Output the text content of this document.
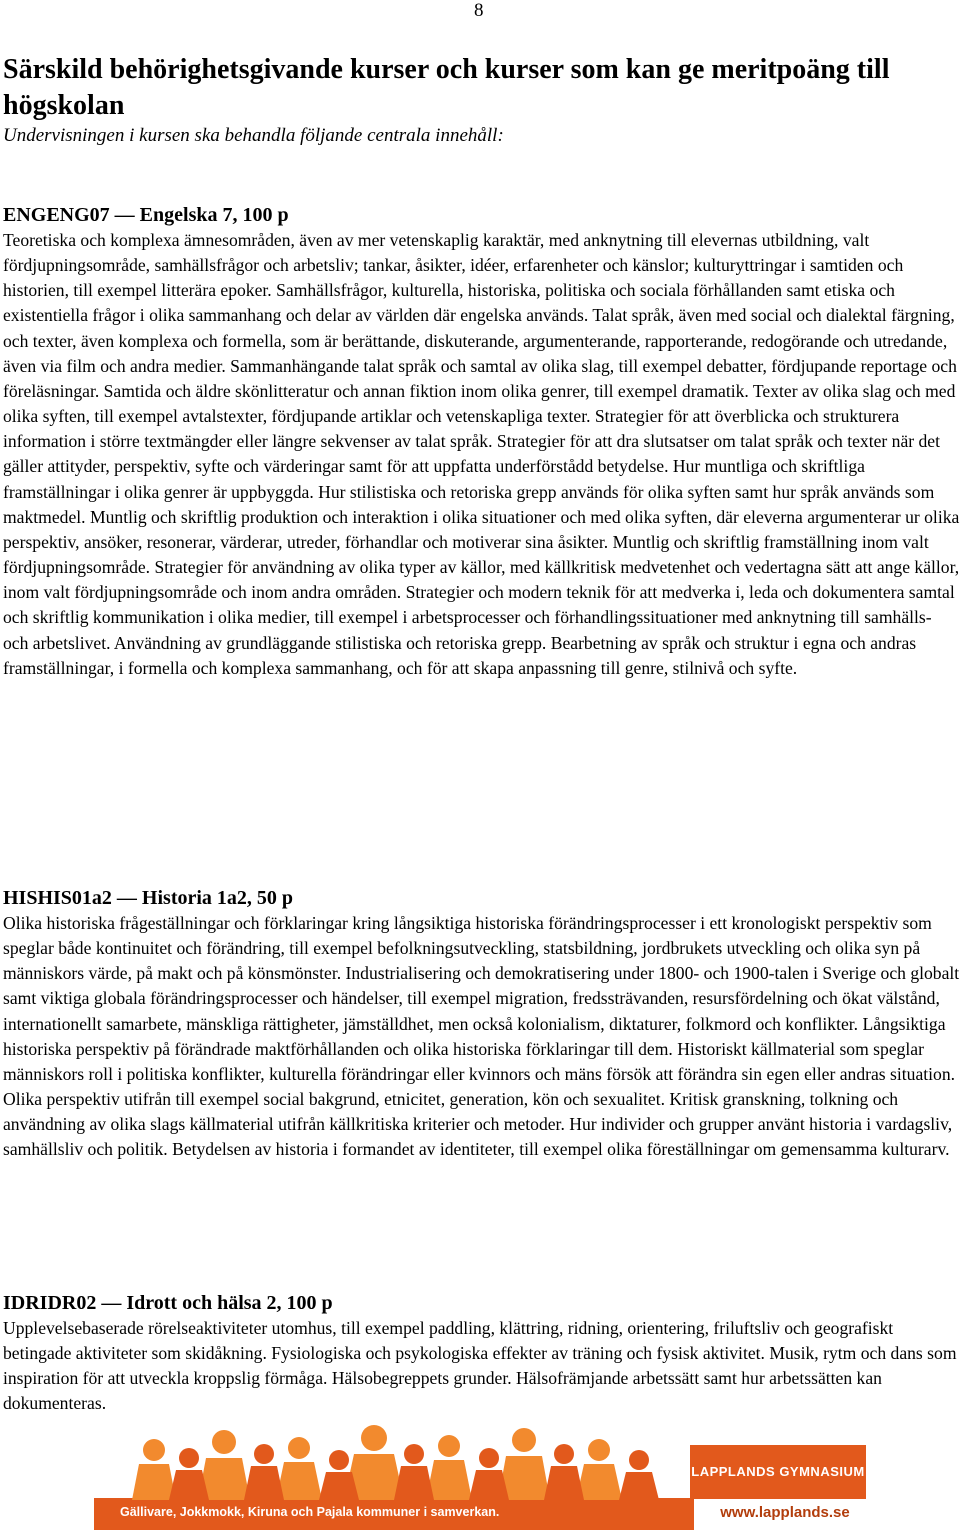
8
Särskild behörighetsgivande kurser och kurser som kan ge meritpoäng till högskolan

Undervisningen i kursen ska behandla följande centrala innehåll:

ENGENG07 — Engelska 7, 100 p

Teoretiska och komplexa ämnesområden, även av mer vetenskaplig karaktär, med anknytning till elevernas utbildning, valt fördjupningsområde, samhällsfrågor och arbetsliv; tankar, åsikter, idéer, erfarenheter och känslor; kulturyttringar i samtiden och historien, till exempel litterära epoker. Samhällsfrågor, kulturella, historiska, politiska och sociala förhållanden samt etiska och existentiella frågor i olika sammanhang och delar av världen där engelska används. Talat språk, även med social och dialektal färgning, och texter, även komplexa och formella, som är berättande, diskuterande, argumenterande, rapporterande, redogörande och utredande, även via film och andra medier. Sammanhängande talat språk och samtal av olika slag, till exempel debatter, fördjupande reportage och föreläsningar. Samtida och äldre skönlitteratur och annan fiktion inom olika genrer, till exempel dramatik. Texter av olika slag och med olika syften, till exempel avtalstexter, fördjupande artiklar och vetenskapliga texter. Strategier för att överblicka och strukturera information i större textmängder eller längre sekvenser av talat språk. Strategier för att dra slutsatser om talat språk och texter när det gäller attityder, perspektiv, syfte och värderingar samt för att uppfatta underförstådd betydelse. Hur muntliga och skriftliga framställningar i olika genrer är uppbyggda. Hur stilistiska och retoriska grepp används för olika syften samt hur språk används som maktmedel. Muntlig och skriftlig produktion och interaktion i olika situationer och med olika syften, där eleverna argumenterar ur olika perspektiv, ansöker, resonerar, värderar, utreder, förhandlar och motiverar sina åsikter. Muntlig och skriftlig framställning inom valt fördjupningsområde. Strategier för användning av olika typer av källor, med källkritisk medvetenhet och vedertagna sätt att ange källor, inom valt fördjupningsområde och inom andra områden. Strategier och modern teknik för att medverka i, leda och dokumentera samtal och skriftlig kommunikation i olika medier, till exempel i arbetsprocesser och förhandlingssituationer med anknytning till samhälls- och arbetslivet. Användning av grundläggande stilistiska och retoriska grepp. Bearbetning av språk och struktur i egna och andras framställningar, i formella och komplexa sammanhang, och för att skapa anpassning till genre, stilnivå och syfte.

HISHIS01a2 — Historia 1a2, 50 p

Olika historiska frågeställningar och förklaringar kring långsiktiga historiska förändringsprocesser i ett kronologiskt perspektiv som speglar både kontinuitet och förändring, till exempel befolkningsutveckling, statsbildning, jordbrukets utveckling och olika syn på människors värde, på makt och på könsmönster. Industrialisering och demokratisering under 1800- och 1900-talen i Sverige och globalt samt viktiga globala förändringsprocesser och händelser, till exempel migration, fredssträvanden, resursfördelning och ökat välstånd, internationellt samarbete, mänskliga rättigheter, jämställdhet, men också kolonialism, diktaturer, folkmord och konflikter. Långsiktiga historiska perspektiv på förändrade maktförhållanden och olika historiska förklaringar till dem. Historiskt källmaterial som speglar människors roll i politiska konflikter, kulturella förändringar eller kvinnors och mäns försök att förändra sin egen eller andras situation. Olika perspektiv utifrån till exempel social bakgrund, etnicitet, generation, kön och sexualitet. Kritisk granskning, tolkning och användning av olika slags källmaterial utifrån källkritiska kriterier och metoder. Hur individer och grupper använt historia i vardagsliv, samhällsliv och politik. Betydelsen av historia i formandet av identiteter, till exempel olika föreställningar om gemensamma kulturarv.

IDRIDR02 — Idrott och hälsa 2, 100 p

Upplevelsebaserade rörelseaktiviteter utomhus, till exempel paddling, klättring, ridning, orientering, friluftsliv och geografiskt betingade aktiviteter som skidåkning. Fysiologiska och psykologiska effekter av träning och fysisk aktivitet. Musik, rytm och dans som inspiration för att utveckla kroppslig förmåga. Hälsobegreppets grunder. Hälsofrämjande arbetssätt samt hur arbetssätten kan dokumenteras.

LAPPLANDS GYMNASIUM
www.lapplands.se
Gällivare, Jokkmokk, Kiruna och Pajala kommuner i samverkan.
